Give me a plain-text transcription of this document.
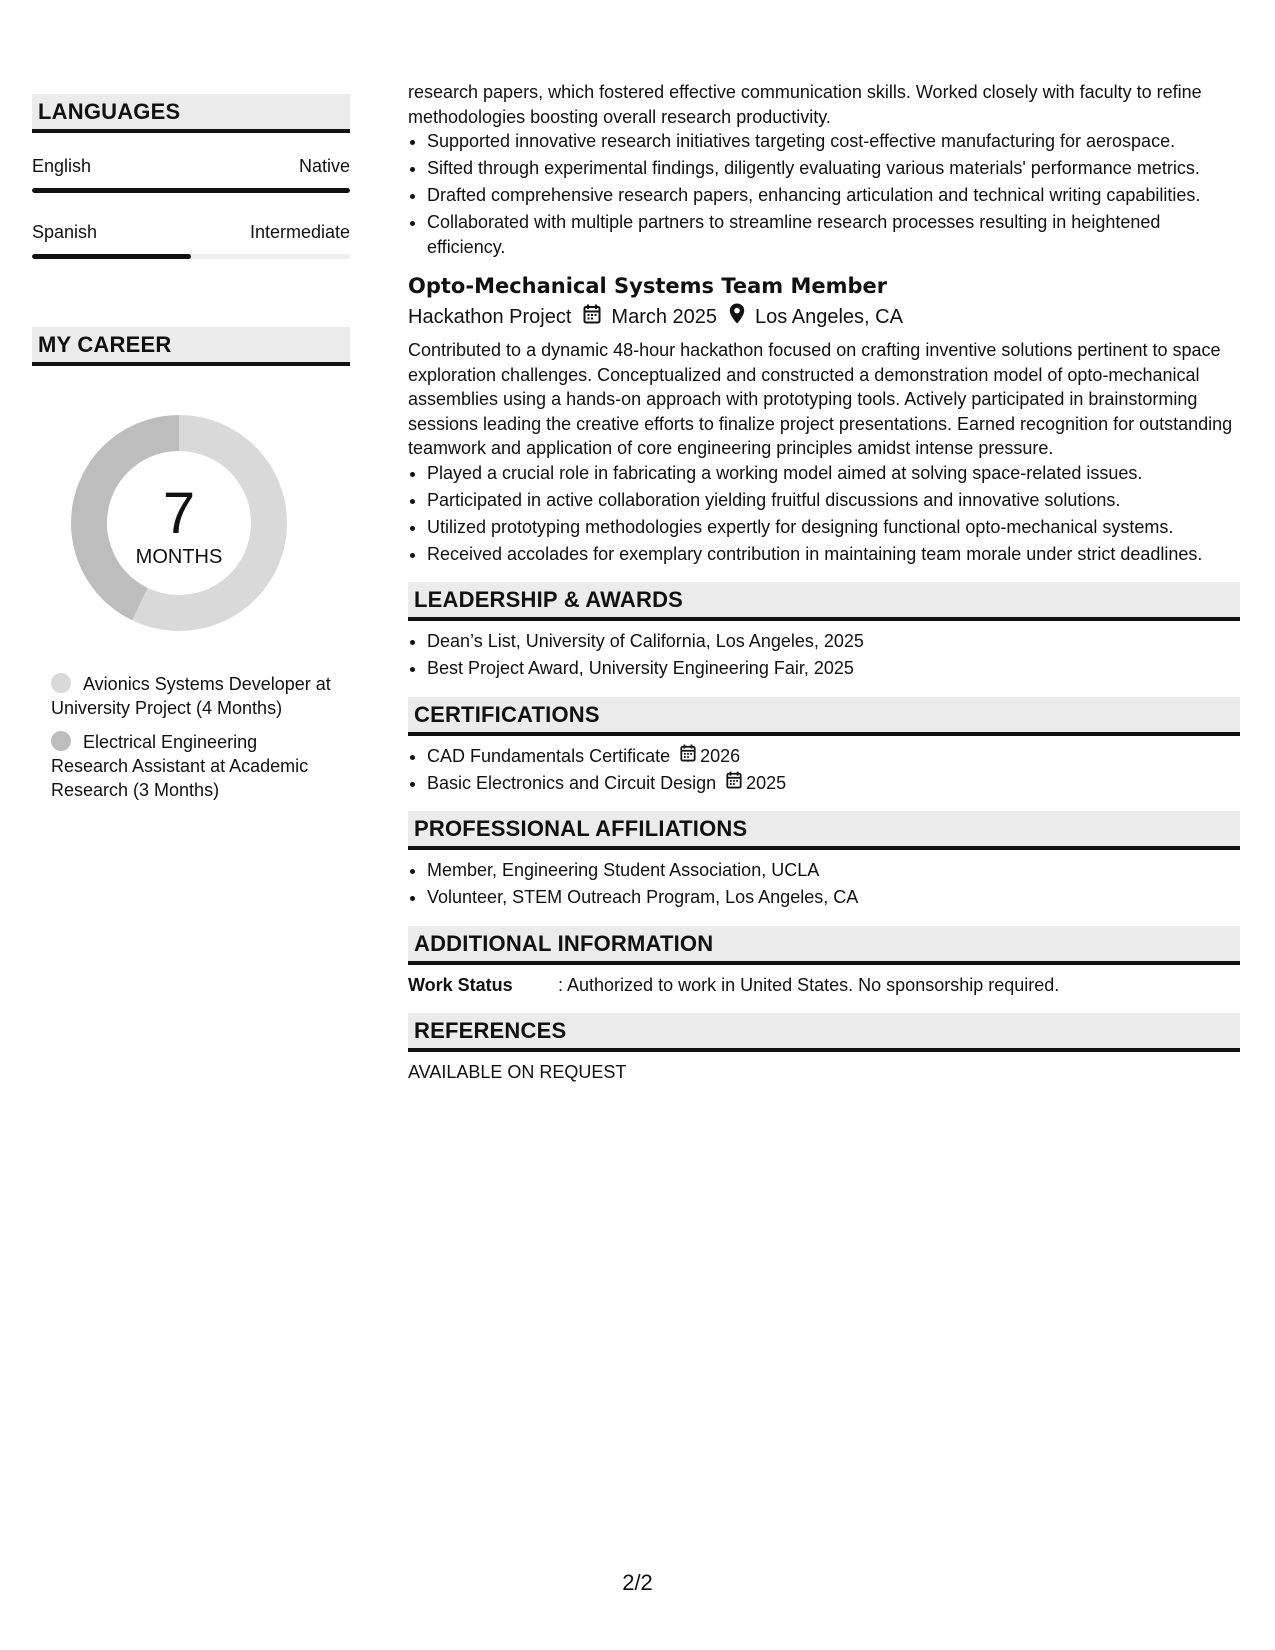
LANGUAGES
English	Native
Spanish	Intermediate
MY CAREER
7
MONTHS
Avionics Systems Developer at University Project (4 Months)
Electrical Engineering Research Assistant at Academic Research (3 Months)

research papers, which fostered effective communication skills. Worked closely with faculty to refine methodologies boosting overall research productivity.

• Supported innovative research initiatives targeting cost-effective manufacturing for aerospace.
• Sifted through experimental findings, diligently evaluating various materials' performance metrics.
• Drafted comprehensive research papers, enhancing articulation and technical writing capabilities.
• Collaborated with multiple partners to streamline research processes resulting in heightened efficiency.
Opto-Mechanical Systems Team Member
Hackathon Project March 2025 Los Angeles, CA

Contributed to a dynamic 48-hour hackathon focused on crafting inventive solutions pertinent to space exploration challenges. Conceptualized and constructed a demonstration model of opto-mechanical assemblies using a hands-on approach with prototyping tools. Actively participated in brainstorming sessions leading the creative efforts to finalize project presentations. Earned recognition for outstanding teamwork and application of core engineering principles amidst intense pressure.

• Played a crucial role in fabricating a working model aimed at solving space-related issues.
• Participated in active collaboration yielding fruitful discussions and innovative solutions.
• Utilized prototyping methodologies expertly for designing functional opto-mechanical systems.
• Received accolades for exemplary contribution in maintaining team morale under strict deadlines.
LEADERSHIP & AWARDS
• Dean’s List, University of California, Los Angeles, 2025
• Best Project Award, University Engineering Fair, 2025
CERTIFICATIONS
• CAD Fundamentals Certificate 2026
• Basic Electronics and Circuit Design 2025
PROFESSIONAL AFFILIATIONS
• Member, Engineering Student Association, UCLA
• Volunteer, STEM Outreach Program, Los Angeles, CA
ADDITIONAL INFORMATION
Work Status	: Authorized to work in United States. No sponsorship required.
REFERENCES

AVAILABLE ON REQUEST

2/2
